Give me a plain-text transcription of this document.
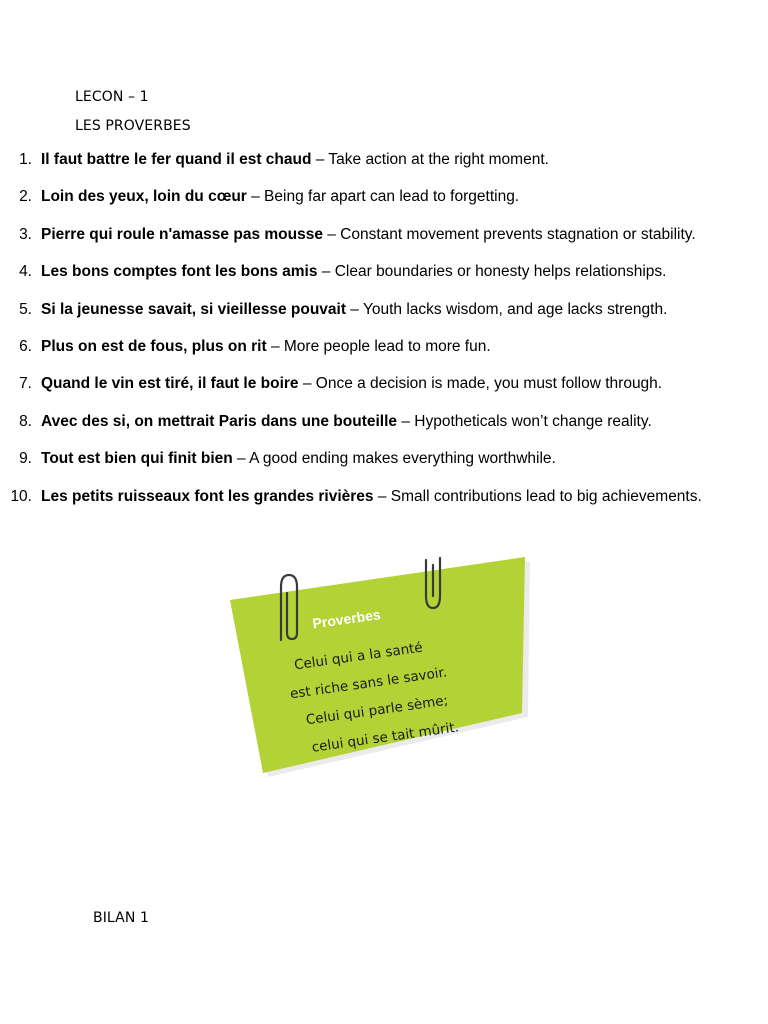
LECON – 1
LES PROVERBES
1. Il faut battre le fer quand il est chaud – Take action at the right moment.
2. Loin des yeux, loin du cœur – Being far apart can lead to forgetting.
3. Pierre qui roule n'amasse pas mousse – Constant movement prevents stagnation or stability.
4. Les bons comptes font les bons amis – Clear boundaries or honesty helps relationships.
5. Si la jeunesse savait, si vieillesse pouvait – Youth lacks wisdom, and age lacks strength.
6. Plus on est de fous, plus on rit – More people lead to more fun.
7. Quand le vin est tiré, il faut le boire – Once a decision is made, you must follow through.
8. Avec des si, on mettrait Paris dans une bouteille – Hypotheticals won’t change reality.
9. Tout est bien qui finit bien – A good ending makes everything worthwhile.
10. Les petits ruisseaux font les grandes rivières – Small contributions lead to big achievements.
Proverbes
Celui qui a la santé
est riche sans le savoir.
Celui qui parle sème;
celui qui se tait mûrit.
BILAN 1
